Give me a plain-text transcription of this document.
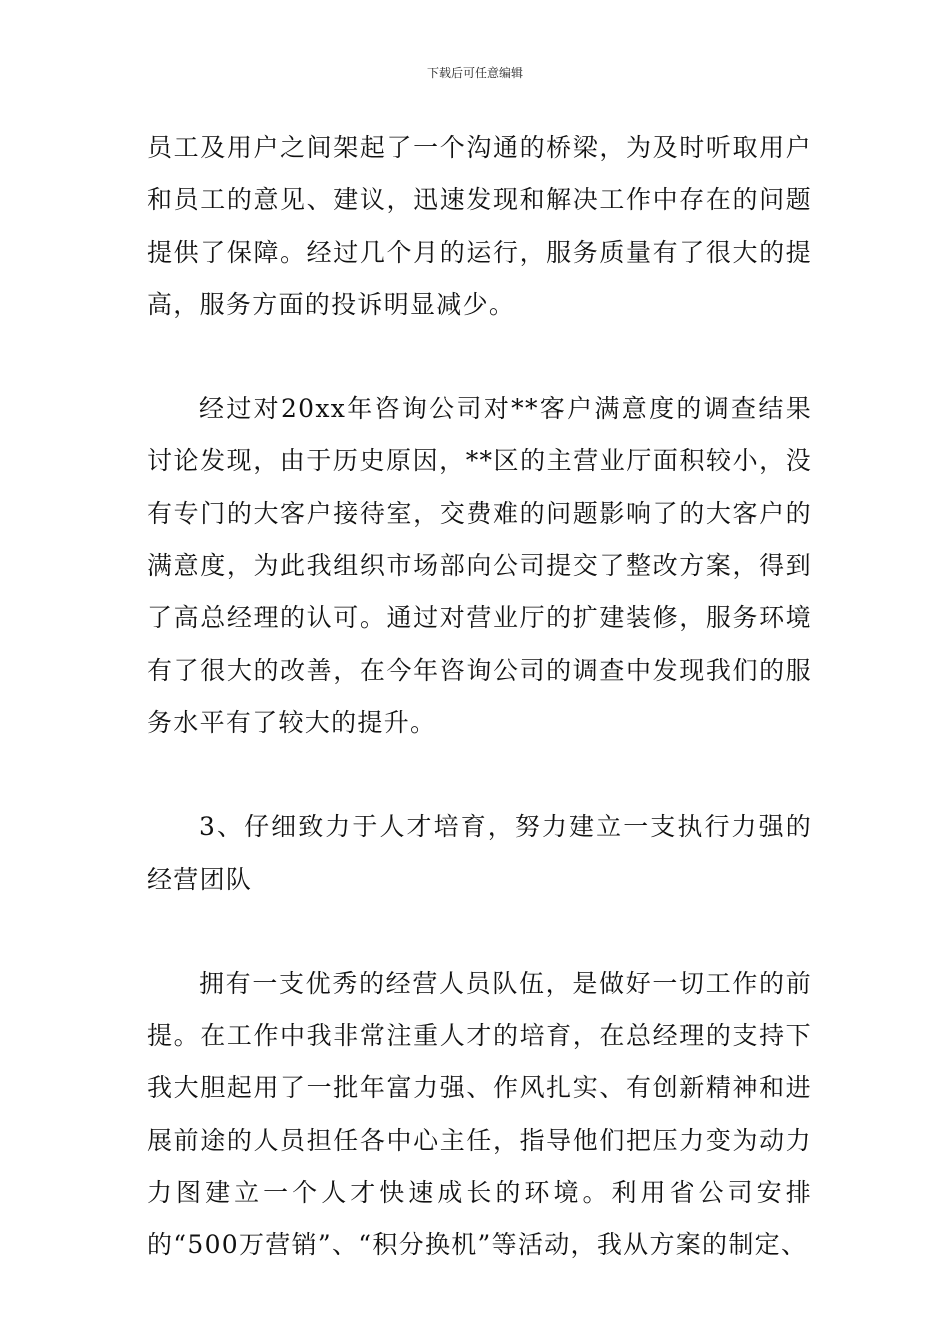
下载后可任意编辑

员工及用户之间架起了一个沟通的桥梁，为及时听取用户和员工的意见、建议，迅速发现和解决工作中存在的问题提供了保障。经过几个月的运行，服务质量有了很大的提高，服务方面的投诉明显减少。

经过对20xx年咨询公司对**客户满意度的调查结果讨论发现，由于历史原因，**区的主营业厅面积较小，没有专门的大客户接待室，交费难的问题影响了的大客户的满意度，为此我组织市场部向公司提交了整改方案，得到了高总经理的认可。通过对营业厅的扩建装修，服务环境有了很大的改善，在今年咨询公司的调查中发现我们的服务水平有了较大的提升。

3、仔细致力于人才培育，努力建立一支执行力强的经营团队

拥有一支优秀的经营人员队伍，是做好一切工作的前提。在工作中我非常注重人才的培育，在总经理的支持下我大胆起用了一批年富力强、作风扎实、有创新精神和进展前途的人员担任各中心主任，指导他们把压力变为动力力图建立一个人才快速成长的环境。利用省公司安排的“500万营销”、“积分换机”等活动，我从方案的制定、
